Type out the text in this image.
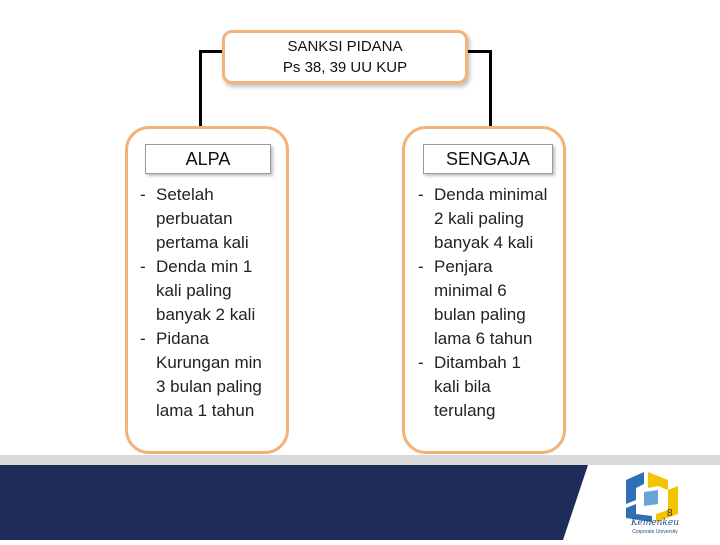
SANKSI PIDANA
Ps 38, 39 UU KUP
ALPA	SENGAJA
- Setelah
perbuatan
pertama kali
- Denda min 1
kali paling
banyak 2 kali
- Pidana
Kurungan min
3 bulan paling
lama 1 tahun
- Denda minimal
2 kali paling
banyak 4 kali
- Penjara
minimal 6
bulan paling
lama 6 tahun
- Ditambah 1
kali bila
terulang
8
Kemenkeu
Corporate University
